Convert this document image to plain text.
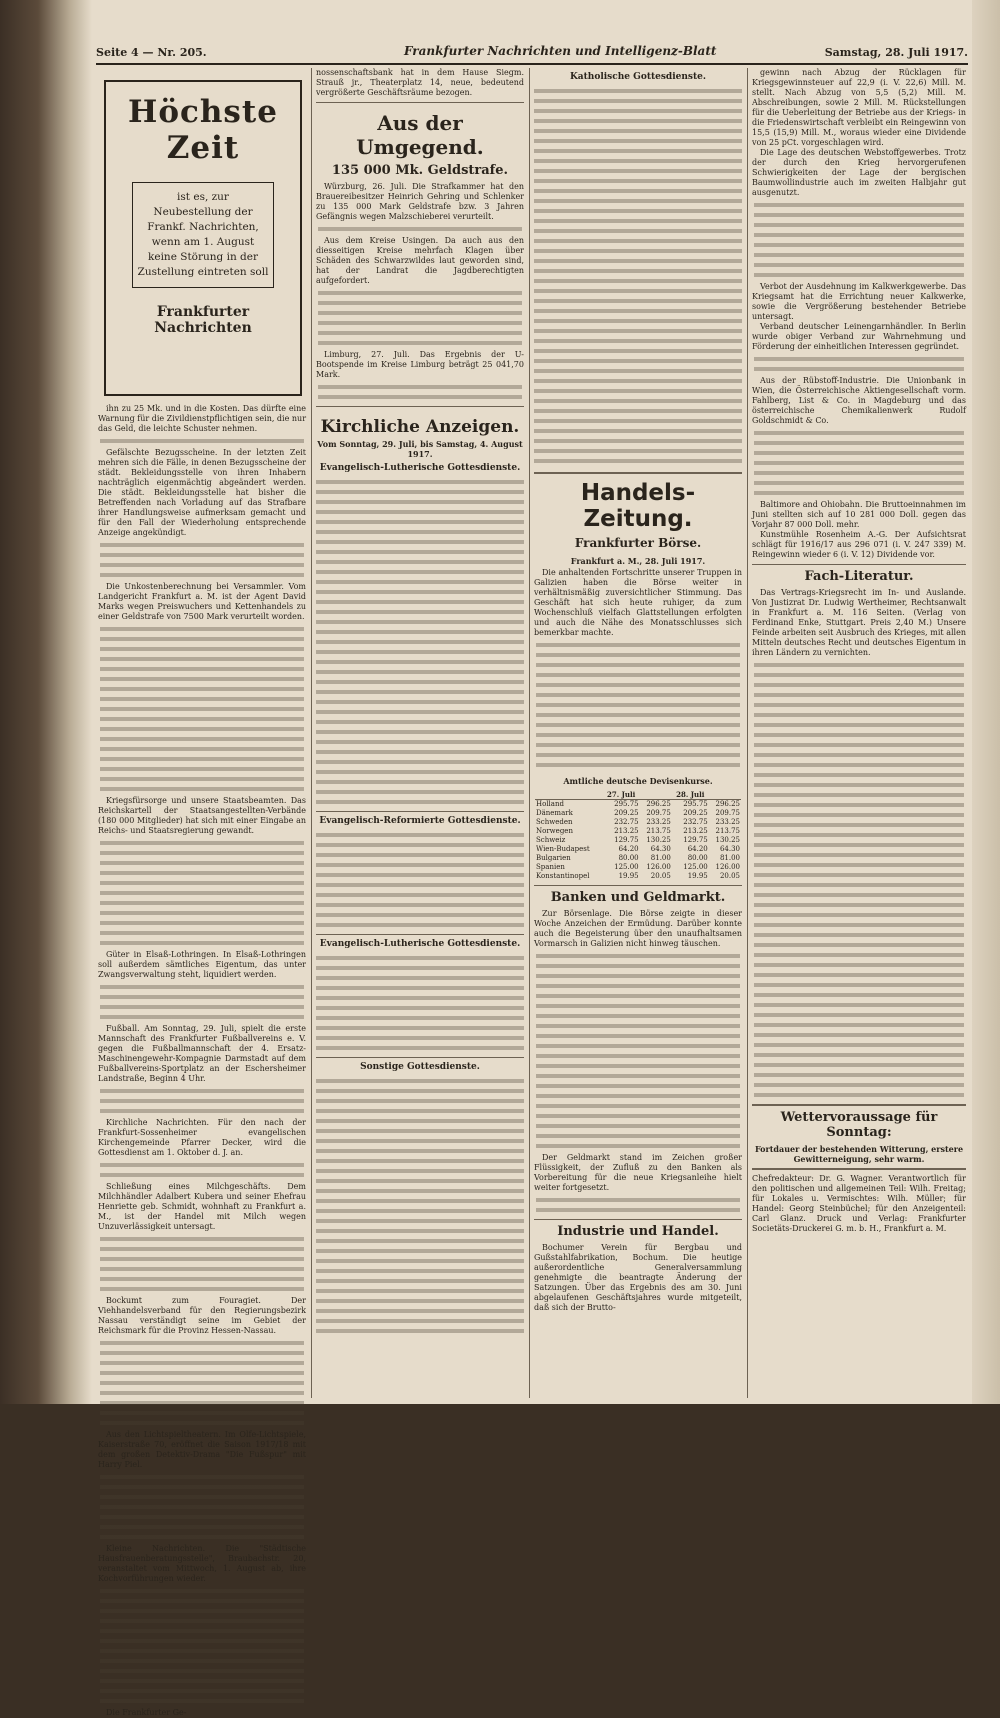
Seite 4 — Nr. 205.	Frankfurter Nachrichten und Intelligenz-Blatt	Samstag, 28. Juli 1917.
Höchste Zeit
ist es, zur Neubestellung der Frankf. Nachrichten, wenn am 1. August keine Störung in der Zustellung eintreten soll
Frankfurter Nachrichten

ihn zu 25 Mk. und in die Kosten. Das dürfte eine Warnung für die Zivildienstpflichtigen sein, die nur das Geld, die leichte Schuster nehmen.

Gefälschte Bezugsscheine. In der letzten Zeit mehren sich die Fälle, in denen Bezugsscheine der städt. Bekleidungsstelle von ihren Inhabern nachträglich eigenmächtig abgeändert werden. Die städt. Bekleidungsstelle hat bisher die Betreffenden nach Vorladung auf das Strafbare ihrer Handlungsweise aufmerksam gemacht und für den Fall der Wiederholung entsprechende Anzeige angekündigt.

Die Unkostenberechnung bei Versammler. Vom Landgericht Frankfurt a. M. ist der Agent David Marks wegen Preiswuchers und Kettenhandels zu einer Geldstrafe von 7500 Mark verurteilt worden.

Kriegsfürsorge und unsere Staatsbeamten. Das Reichskartell der Staatsangestellten-Verbände (180 000 Mitglieder) hat sich mit einer Eingabe an Reichs- und Staatsregierung gewandt.

Güter in Elsaß-Lothringen. In Elsaß-Lothringen soll außerdem sämtliches Eigentum, das unter Zwangsverwaltung steht, liquidiert werden.

Fußball. Am Sonntag, 29. Juli, spielt die erste Mannschaft des Frankfurter Fußballvereins e. V. gegen die Fußballmannschaft der 4. Ersatz-Maschinengewehr-Kompagnie Darmstadt auf dem Fußballvereins-Sportplatz an der Eschersheimer Landstraße, Beginn 4 Uhr.

Kirchliche Nachrichten. Für den nach der Frankfurt-Sossenheimer evangelischen Kirchengemeinde Pfarrer Decker, wird die Gottesdienst am 1. Oktober d. J. an.

Schließung eines Milchgeschäfts. Dem Milchhändler Adalbert Kubera und seiner Ehefrau Henriette geb. Schmidt, wohnhaft zu Frankfurt a. M., ist der Handel mit Milch wegen Unzuverlässigkeit untersagt.

Bockumt zum Fouragiet. Der Viehhandelsverband für den Regierungsbezirk Nassau verständigt seine im Gebiet der Reichsmark für die Provinz Hessen-Nassau.

Aus den Lichtspieltheatern. Im Olfe-Lichtspiele, Kaiserstraße 70, eröffnet die Saison 1917/18 mit dem großen Detektiv-Drama "Die Fußspur" mit Harry Piel.

Kleine Nachrichten. Die "Städtische Hausfrauenberatungsstelle", Braubachstr. 20, veranstaltet vom Mittwoch, 1. August ab, ihre Kochvorführungen wieder.

Die Frankfurter Ge-

nossenschaftsbank hat in dem Hause Siegm. Strauß jr., Theaterplatz 14, neue, bedeutend vergrößerte Geschäftsräume bezogen.
Aus der Umgegend.
135 000 Mk. Geldstrafe.

Würzburg, 26. Juli. Die Strafkammer hat den Brauereibesitzer Heinrich Gehring und Schlenker zu 135 000 Mark Geldstrafe bzw. 3 Jahren Gefängnis wegen Malzschieberei verurteilt.

Aus dem Kreise Usingen. Da auch aus den diesseitigen Kreise mehrfach Klagen über Schäden des Schwarzwildes laut geworden sind, hat der Landrat die Jagdberechtigten aufgefordert.

Limburg, 27. Juli. Das Ergebnis der U-Bootspende im Kreise Limburg beträgt 25 041,70 Mark.

Kirchliche Anzeigen.
Vom Sonntag, 29. Juli, bis Samstag, 4. August 1917.
Evangelisch-Lutherische Gottesdienste.
Evangelisch-Reformierte Gottesdienste.
Evangelisch-Lutherische Gottesdienste.
Sonstige Gottesdienste.
Katholische Gottesdienste.
Handels-Zeitung.
Frankfurter Börse.
Frankfurt a. M., 28. Juli 1917.

Die anhaltenden Fortschritte unserer Truppen in Galizien haben die Börse weiter in verhältnismäßig zuversichtlicher Stimmung. Das Geschäft hat sich heute ruhiger, da zum Wochenschluß vielfach Glattstellungen erfolgten und auch die Nähe des Monatsschlusses sich bemerkbar machte.

Amtliche deutsche Devisenkurse.
	27. Juli		28. Juli	
Holland	295.75	296.25	295.75	296.25
Dänemark	209.25	209.75	209.25	209.75
Schweden	232.75	233.25	232.75	233.25
Norwegen	213.25	213.75	213.25	213.75
Schweiz	129.75	130.25	129.75	130.25
Wien-Budapest	64.20	64.30	64.20	64.30
Bulgarien	80.00	81.00	80.00	81.00
Spanien	125.00	126.00	125.00	126.00
Konstantinopel	19.95	20.05	19.95	20.05
Banken und Geldmarkt.

Zur Börsenlage. Die Börse zeigte in dieser Woche Anzeichen der Ermüdung. Darüber konnte auch die Begeisterung über den unaufhaltsamen Vormarsch in Galizien nicht hinweg täuschen.

Der Geldmarkt stand im Zeichen großer Flüssigkeit, der Zufluß zu den Banken als Vorbereitung für die neue Kriegsanleihe hielt weiter fortgesetzt.

Industrie und Handel.

Bochumer Verein für Bergbau und Gußstahlfabrikation, Bochum. Die heutige außerordentliche Generalversammlung genehmigte die beantragte Änderung der Satzungen. Über das Ergebnis des am 30. Juni abgelaufenen Geschäftsjahres wurde mitgeteilt, daß sich der Brutto-

gewinn nach Abzug der Rücklagen für Kriegsgewinnsteuer auf 22,9 (i. V. 22,6) Mill. M. stellt. Nach Abzug von 5,5 (5,2) Mill. M. Abschreibungen, sowie 2 Mill. M. Rückstellungen für die Ueberleitung der Betriebe aus der Kriegs- in die Friedenswirtschaft verbleibt ein Reingewinn von 15,5 (15,9) Mill. M., woraus wieder eine Dividende von 25 pCt. vorgeschlagen wird.

Die Lage des deutschen Webstoffgewerbes. Trotz der durch den Krieg hervorgerufenen Schwierigkeiten der Lage der bergischen Baumwollindustrie auch im zweiten Halbjahr gut ausgenutzt.

Verbot der Ausdehnung im Kalkwerkgewerbe. Das Kriegsamt hat die Errichtung neuer Kalkwerke, sowie die Vergrößerung bestehender Betriebe untersagt.

Verband deutscher Leinengarnhändler. In Berlin wurde obiger Verband zur Wahrnehmung und Förderung der einheitlichen Interessen gegründet.

Aus der Rübstoff-Industrie. Die Unionbank in Wien, die Österreichische Aktiengesellschaft vorm. Fahlberg, List & Co. in Magdeburg und das österreichische Chemikalienwerk Rudolf Goldschmidt & Co.

Baltimore and Ohiobahn. Die Bruttoeinnahmen im Juni stellten sich auf 10 281 000 Doll. gegen das Vorjahr 87 000 Doll. mehr.

Kunstmühle Rosenheim A.-G. Der Aufsichtsrat schlägt für 1916/17 aus 296 071 (i. V. 247 339) M. Reingewinn wieder 6 (i. V. 12) Dividende vor.

Fach-Literatur.

Das Vertrags-Kriegsrecht im In- und Auslande. Von Justizrat Dr. Ludwig Wertheimer, Rechtsanwalt in Frankfurt a. M. 116 Seiten. (Verlag von Ferdinand Enke, Stuttgart. Preis 2,40 M.) Unsere Feinde arbeiten seit Ausbruch des Krieges, mit allen Mitteln deutsches Recht und deutsches Eigentum in ihren Ländern zu vernichten.

Wettervoraussage für Sonntag:
Fortdauer der bestehenden Witterung, erstere Gewitterneigung, sehr warm.
Chefredakteur: Dr. G. Wagner. Verantwortlich für den politischen und allgemeinen Teil: Wilh. Freitag; für Lokales u. Vermischtes: Wilh. Müller; für Handel: Georg Steinbüchel; für den Anzeigenteil: Carl Glanz. Druck und Verlag: Frankfurter Societäts-Druckerei G. m. b. H., Frankfurt a. M.
